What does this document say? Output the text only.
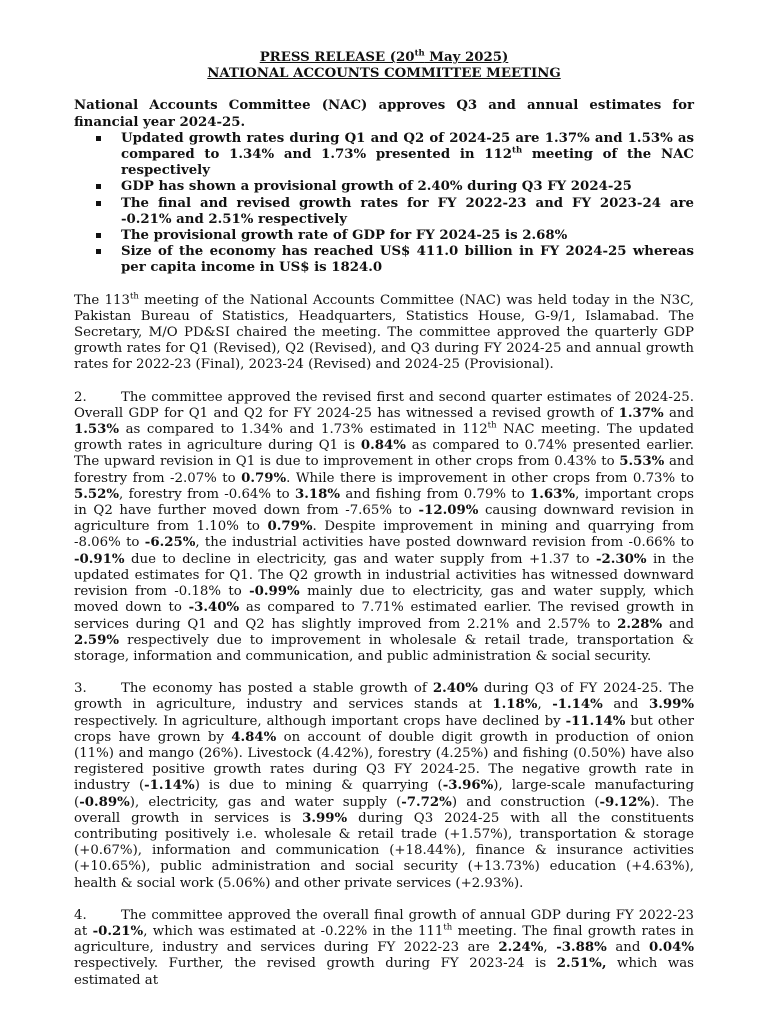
PRESS RELEASE (20th May 2025)
NATIONAL ACCOUNTS COMMITTEE MEETING
National Accounts Committee (NAC) approves Q3 and annual estimates for financial year 2024-25.
Updated growth rates during Q1 and Q2 of 2024-25 are 1.37% and 1.53% as compared to 1.34% and 1.73% presented in 112th meeting of the NAC respectively
GDP has shown a provisional growth of 2.40% during Q3 FY 2024-25
The final and revised growth rates for FY 2022-23 and FY 2023-24 are -0.21% and 2.51% respectively
The provisional growth rate of GDP for FY 2024-25 is 2.68%
Size of the economy has reached US$ 411.0 billion in FY 2024-25 whereas per capita income in US$ is 1824.0

The 113th meeting of the National Accounts Committee (NAC) was held today in the N3C, Pakistan Bureau of Statistics, Headquarters, Statistics House, G-9/1, Islamabad. The Secretary, M/O PD&SI chaired the meeting. The committee approved the quarterly GDP growth rates for Q1 (Revised), Q2 (Revised), and Q3 during FY 2024-25 and annual growth rates for 2022-23 (Final), 2023-24 (Revised) and 2024-25 (Provisional).

2.	The committee approved the revised first and second quarter estimates of 2024-25. Overall GDP for Q1 and Q2 for FY 2024-25 has witnessed a revised growth of 1.37% and 1.53% as compared to 1.34% and 1.73% estimated in 112th NAC meeting. The updated growth rates in agriculture during Q1 is 0.84% as compared to 0.74% presented earlier. The upward revision in Q1 is due to improvement in other crops from 0.43% to 5.53% and forestry from -2.07% to 0.79%. While there is improvement in other crops from 0.73% to 5.52%, forestry from -0.64% to 3.18% and fishing from 0.79% to 1.63%, important crops in Q2 have further moved down from -7.65% to -12.09% causing downward revision in agriculture from 1.10% to 0.79%. Despite improvement in mining and quarrying from -8.06% to -6.25%, the industrial activities have posted downward revision from -0.66% to -0.91% due to decline in electricity, gas and water supply from +1.37 to -2.30% in the updated estimates for Q1. The Q2 growth in industrial activities has witnessed downward revision from -0.18% to -0.99% mainly due to electricity, gas and water supply, which moved down to -3.40% as compared to 7.71% estimated earlier. The revised growth in services during Q1 and Q2 has slightly improved from 2.21% and 2.57% to 2.28% and 2.59% respectively due to improvement in wholesale & retail trade, transportation & storage, information and communication, and public administration & social security.

3.	The economy has posted a stable growth of 2.40% during Q3 of FY 2024-25. The growth in agriculture, industry and services stands at 1.18%, -1.14% and 3.99% respectively. In agriculture, although important crops have declined by -11.14% but other crops have grown by 4.84% on account of double digit growth in production of onion (11%) and mango (26%). Livestock (4.42%), forestry (4.25%) and fishing (0.50%) have also registered positive growth rates during Q3 FY 2024-25. The negative growth rate in industry (-1.14%) is due to mining & quarrying (-3.96%), large-scale manufacturing (-0.89%), electricity, gas and water supply (-7.72%) and construction (-9.12%). The overall growth in services is 3.99% during Q3 2024-25 with all the constituents contributing positively i.e. wholesale & retail trade (+1.57%), transportation & storage (+0.67%), information and communication (+18.44%), finance & insurance activities (+10.65%), public administration and social security (+13.73%) education (+4.63%), health & social work (5.06%) and other private services (+2.93%).

4.	The committee approved the overall final growth of annual GDP during FY 2022-23 at -0.21%, which was estimated at -0.22% in the 111th meeting. The final growth rates in agriculture, industry and services during FY 2022-23 are 2.24%, -3.88% and 0.04% respectively. Further, the revised growth during FY 2023-24 is 2.51%, which was estimated at
